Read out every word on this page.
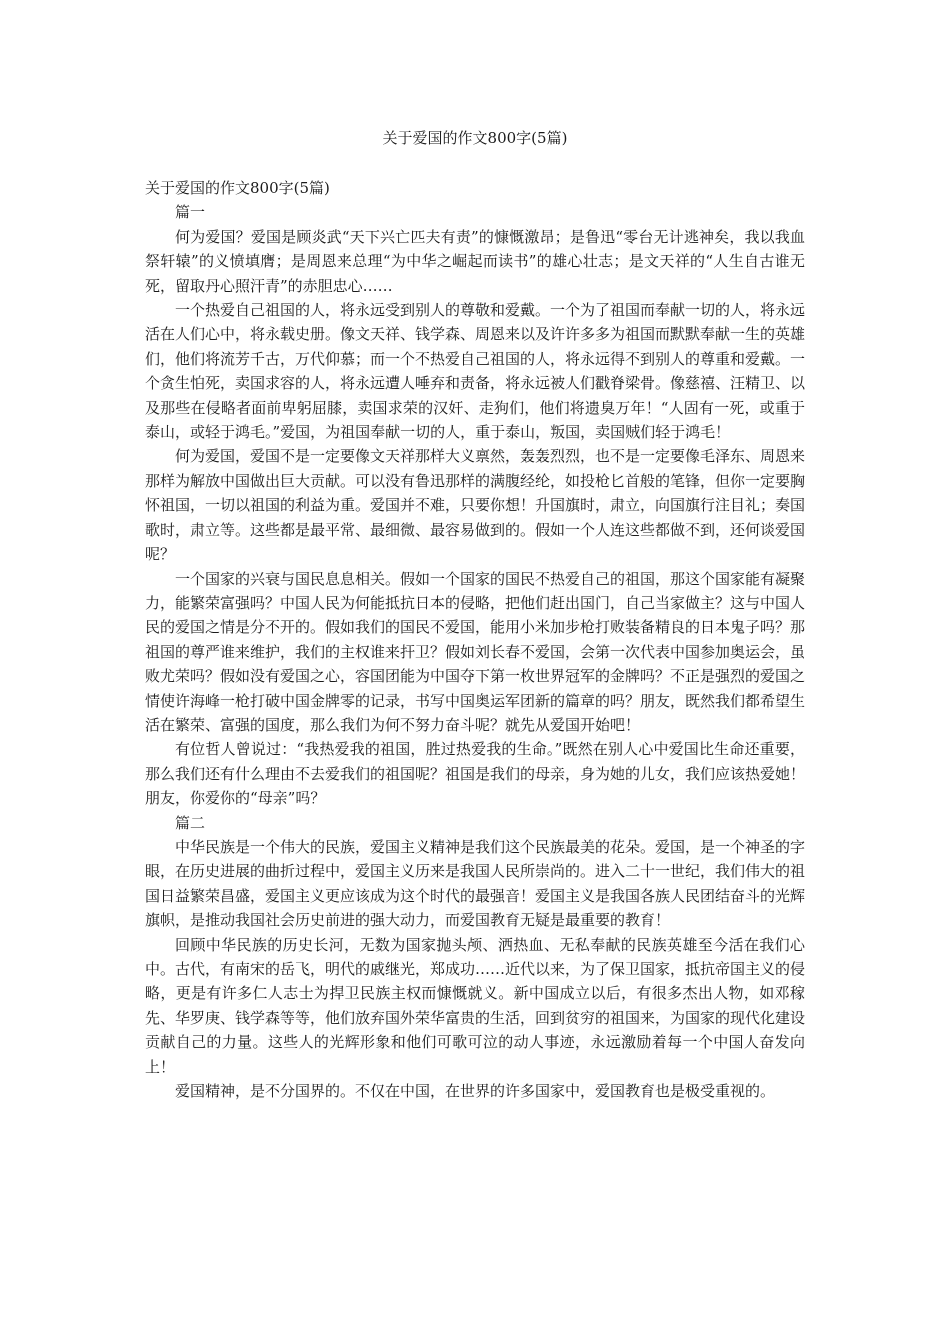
关于爱国的作文800字(5篇)

关于爱国的作文800字(5篇)

篇一

何为爱国？爱国是顾炎武“天下兴亡匹夫有责”的慷慨激昂；是鲁迅“零台无计逃神矣，我以我血祭轩辕”的义愤填膺；是周恩来总理“为中华之崛起而读书”的雄心壮志；是文天祥的“人生自古谁无死，留取丹心照汗青”的赤胆忠心……

一个热爱自己祖国的人，将永远受到别人的尊敬和爱戴。一个为了祖国而奉献一切的人，将永远活在人们心中，将永载史册。像文天祥、钱学森、周恩来以及许许多多为祖国而默默奉献一生的英雄们，他们将流芳千古，万代仰慕；而一个不热爱自己祖国的人，将永远得不到别人的尊重和爱戴。一个贪生怕死，卖国求容的人，将永远遭人唾弃和责备，将永远被人们戳脊梁骨。像慈禧、汪精卫、以及那些在侵略者面前卑躬屈膝，卖国求荣的汉奸、走狗们，他们将遗臭万年！“人固有一死，或重于泰山，或轻于鸿毛。”爱国，为祖国奉献一切的人，重于泰山，叛国，卖国贼们轻于鸿毛！

何为爱国，爱国不是一定要像文天祥那样大义禀然，轰轰烈烈，也不是一定要像毛泽东、周恩来那样为解放中国做出巨大贡献。可以没有鲁迅那样的满腹经纶，如投枪匕首般的笔锋，但你一定要胸怀祖国，一切以祖国的利益为重。爱国并不难，只要你想！升国旗时，肃立，向国旗行注目礼；奏国歌时，肃立等。这些都是最平常、最细微、最容易做到的。假如一个人连这些都做不到，还何谈爱国呢？

一个国家的兴衰与国民息息相关。假如一个国家的国民不热爱自己的祖国，那这个国家能有凝聚力，能繁荣富强吗？中国人民为何能抵抗日本的侵略，把他们赶出国门，自己当家做主？这与中国人民的爱国之情是分不开的。假如我们的国民不爱国，能用小米加步枪打败装备精良的日本鬼子吗？那祖国的尊严谁来维护，我们的主权谁来扞卫？假如刘长春不爱国，会第一次代表中国参加奥运会，虽败尤荣吗？假如没有爱国之心，容国团能为中国夺下第一枚世界冠军的金牌吗？不正是强烈的爱国之情使许海峰一枪打破中国金牌零的记录，书写中国奥运军团新的篇章的吗？朋友，既然我们都希望生活在繁荣、富强的国度，那么我们为何不努力奋斗呢？就先从爱国开始吧！

有位哲人曾说过：“我热爱我的祖国，胜过热爱我的生命。”既然在别人心中爱国比生命还重要，那么我们还有什么理由不去爱我们的祖国呢？祖国是我们的母亲，身为她的儿女，我们应该热爱她！朋友，你爱你的“母亲”吗？

篇二

中华民族是一个伟大的民族，爱国主义精神是我们这个民族最美的花朵。爱国，是一个神圣的字眼，在历史进展的曲折过程中，爱国主义历来是我国人民所崇尚的。进入二十一世纪，我们伟大的祖国日益繁荣昌盛，爱国主义更应该成为这个时代的最强音！爱国主义是我国各族人民团结奋斗的光辉旗帜，是推动我国社会历史前进的强大动力，而爱国教育无疑是最重要的教育！

回顾中华民族的历史长河，无数为国家抛头颅、洒热血、无私奉献的民族英雄至今活在我们心中。古代，有南宋的岳飞，明代的戚继光，郑成功……近代以来，为了保卫国家，抵抗帝国主义的侵略，更是有许多仁人志士为捍卫民族主权而慷慨就义。新中国成立以后，有很多杰出人物，如邓稼先、华罗庚、钱学森等等，他们放弃国外荣华富贵的生活，回到贫穷的祖国来，为国家的现代化建设贡献自己的力量。这些人的光辉形象和他们可歌可泣的动人事迹，永远激励着每一个中国人奋发向上！

爱国精神，是不分国界的。不仅在中国，在世界的许多国家中，爱国教育也是极受重视的。
